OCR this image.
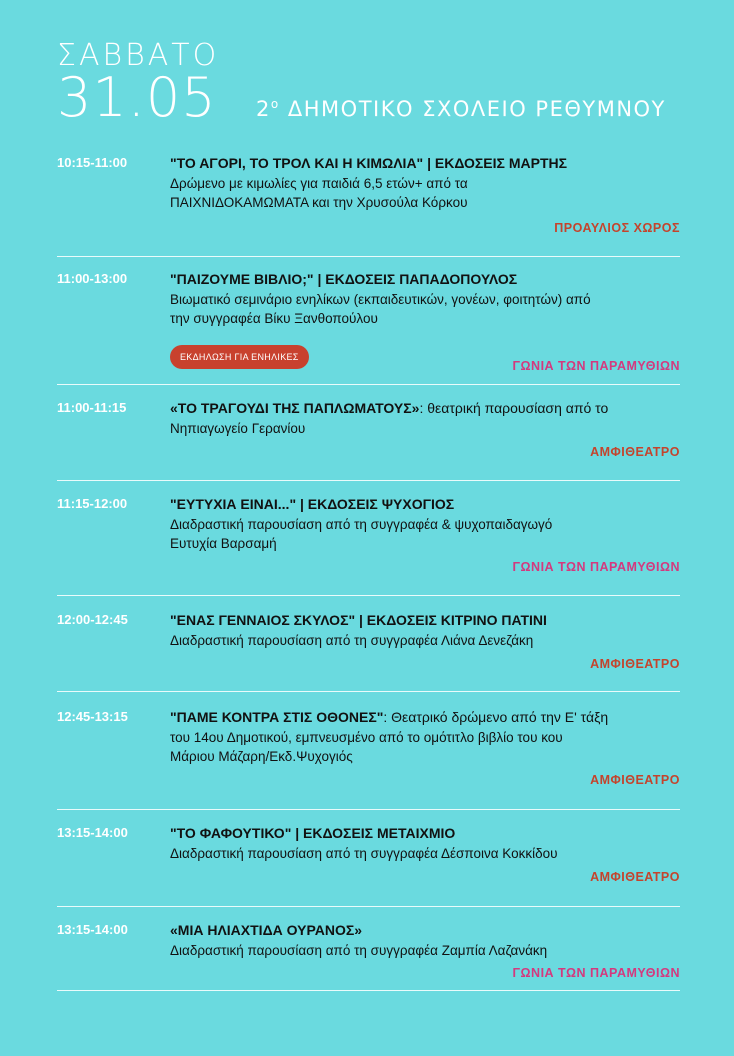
ΣΑΒΒΑΤΟ
31.05 $2^o$ ΔΗΜΟΤΙΚΟ ΣΧΟΛΕΙΟ ΡΕΘΥΜΝΟΥ
10:15-11:00	"ΤΟ ΑΓΟΡΙ, ΤΟ ΤΡΟΛ ΚΑΙ Η ΚΙΜΩΛΙΑ" | ΕΚΔΟΣΕΙΣ ΜΑΡΤΗΣ
Δρώμενο με κιμωλίες για παιδιά 6,5 ετών+ από τα
ΠΑΙΧΝΙΔΟΚΑΜΩΜΑΤΑ και την Χρυσούλα Κόρκου
ΠΡΟΑΥΛΙΟΣ ΧΩΡΟΣ
11:00-13:00	"ΠΑΙΖΟΥΜΕ ΒΙΒΛΙΟ;" | ΕΚΔΟΣΕΙΣ ΠΑΠΑΔΟΠΟΥΛΟΣ
Βιωματικό σεμινάριο ενηλίκων (εκπαιδευτικών, γονέων, φοιτητών) από
την συγγραφέα Βίκυ Ξανθοπούλου
ΕΚΔΗΛΩΣΗ ΓΙΑ ΕΝΗΛΙΚΕΣ
ΓΩΝΙΑ ΤΩΝ ΠΑΡΑΜΥΘΙΩΝ
11:00-11:15	«ΤΟ ΤΡΑΓΟΥΔΙ ΤΗΣ ΠΑΠΛΩΜΑΤΟΥΣ»: θεατρική παρουσίαση από το
Νηπιαγωγείο Γερανίου
ΑΜΦΙΘΕΑΤΡΟ
11:15-12:00	"ΕΥΤΥΧΙΑ ΕΙΝΑΙ..." | ΕΚΔΟΣΕΙΣ ΨΥΧΟΓΙΟΣ
Διαδραστική παρουσίαση από τη συγγραφέα & ψυχοπαιδαγωγό
Ευτυχία Βαρσαμή
ΓΩΝΙΑ ΤΩΝ ΠΑΡΑΜΥΘΙΩΝ
12:00-12:45	"ΕΝΑΣ ΓΕΝΝΑΙΟΣ ΣΚΥΛΟΣ" | ΕΚΔΟΣΕΙΣ ΚΙΤΡΙΝΟ ΠΑΤΙΝΙ
Διαδραστική παρουσίαση από τη συγγραφέα Λιάνα Δενεζάκη
ΑΜΦΙΘΕΑΤΡΟ
12:45-13:15	"ΠΑΜΕ ΚΟΝΤΡΑ ΣΤΙΣ ΟΘΟΝΕΣ": Θεατρικό δρώμενο από την Ε' τάξη
του 14ου Δημοτικού, εμπνευσμένο από το ομότιτλο βιβλίο του κου
Μάριου Μάζαρη/Εκδ.Ψυχογιός
ΑΜΦΙΘΕΑΤΡΟ
13:15-14:00	"ΤΟ ΦΑΦΟΥΤΙΚΟ" | ΕΚΔΟΣΕΙΣ ΜΕΤΑΙΧΜΙΟ
Διαδραστική παρουσίαση από τη συγγραφέα Δέσποινα Κοκκίδου
ΑΜΦΙΘΕΑΤΡΟ
13:15-14:00	«ΜΙΑ ΗΛΙΑΧΤΙΔΑ ΟΥΡΑΝΟΣ»
Διαδραστική παρουσίαση από τη συγγραφέα Ζαμπία Λαζανάκη
ΓΩΝΙΑ ΤΩΝ ΠΑΡΑΜΥΘΙΩΝ
